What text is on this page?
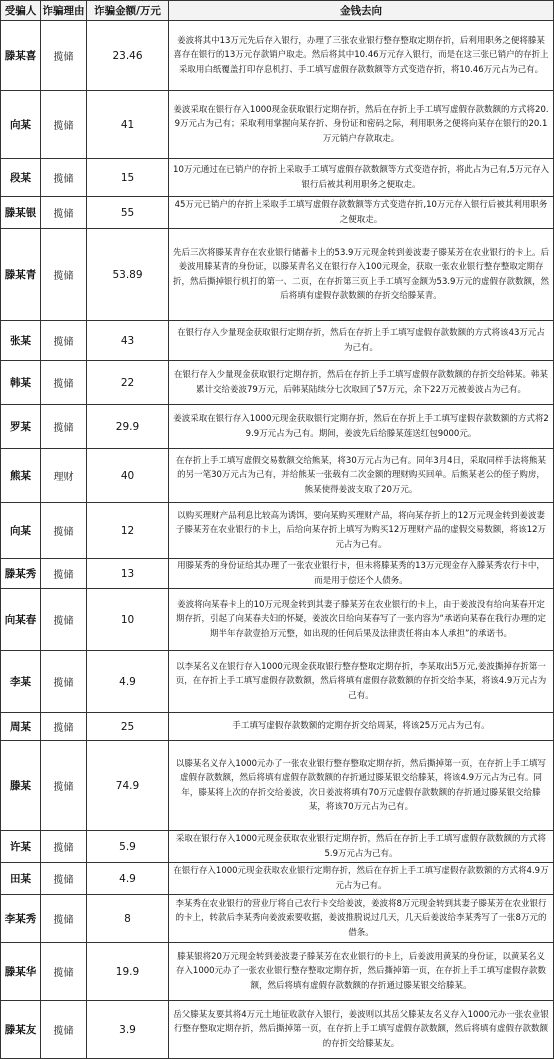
受骗人	诈骗理由	诈骗金额/万元	金钱去向
滕某喜	揽储	23.46	姜波将其中13万元先后存入银行，办理了三张农业银行整存整取定期存折，后利用职务之便将滕某喜存在银行的13万元存款销户取走。然后将其中10.46万元存入银行，而是在这三张已销户的存折上采取用白纸覆盖打印存息机打、手工填写虚假存款数额等方式变造存折，将10.46万元占为己有。
向某	揽储	41	姜波采取在银行存入1000现金获取银行定期存折，然后在存折上手工填写虚假存款数额的方式将20.9万元占为己有；采取利用掌握向某存折、身份证和密码之际，利用职务之便将向某存在银行的20.1万元销户存款取走。
段某	揽储	15	10万元通过在已销户的存折上采取手工填写虚假存款数额等方式变造存折，将此占为己有,5万元存入银行后被其利用职务之便取走。
滕某银	揽储	55	45万元已销户的存折上采取手工填写虚假存款数额等方式变造存折,10万元存入银行后被其利用职务之便取走。
滕某青	揽储	53.89	先后三次将滕某青存在农业银行储蓄卡上的53.9万元现金转到姜波妻子滕某芳在农业银行的卡上。后姜波用滕某青的身份证，以滕某青名义在银行存入100元现金，获取一张农业银行整存整取定期存折，然后撕掉银行机打的第一、二页，在存折第三页上手工填写金额为53.9万元的虚假存款数额，然后将填有虚假存款数额的存折交给滕某青。
张某	揽储	43	在银行存入少量现金获取银行定期存折，然后在存折上手工填写虚假存款数额的方式将该43万元占为己有。
韩某	揽储	22	在银行存入少量现金获取银行定期存折，然后在存折上手工填写虚假存款数额的存折交给韩某。韩某累计交给姜波79万元，后韩某陆续分七次取回了57万元，余下22万元被姜波占为己有。
罗某	揽储	29.9	姜波采取在银行存入1000元现金获取银行定期存折，然后在存折上手工填写虚假存款数额的方式将29.9万元占为己有。期间，姜波先后给滕某莲送红包9000元。
熊某	理财	40	在存折上手工填写虚假交易数额交给熊某，将30万元占为己有。同年3月4日，采取同样手法将熊某的另一笔30万元占为己有，并给熊某一张载有二次金额的理财购买回单。后熊某老公的侄子购房，熊某使得姜波支取了20万元。
向某	揽储	12	以购买理财产品利息比较高为诱饵，要向某购买理财产品，将向某存折上的12万元现金转到姜波妻子滕某芳在农业银行的卡上，后给向某存折上填写为购买12万理财产品的虚假交易数额，将该12万元占为己有。
滕某秀	揽储	13	用滕某秀的身份证给其办理了一张农业银行卡，但未将滕某秀的13万元现金存入滕某秀农行卡中，而是用于偿还个人债务。
向某春	揽储	10	姜波将向某春卡上的10万元现金转到其妻子滕某芳在农业银行的卡上，由于姜波没有给向某春开定期存折，引起了向某春夫妇的怀疑，姜波次日给向某春写了一张内容为“承诺向某春在我行办理的定期半年存款壹拾万元整，如出现的任何后果及法律责任将由本人承担”的承诺书。
李某	揽储	4.9	以李某名义在银行存入1000元现金获取银行整存整取定期存折，李某取出5万元,姜波撕掉存折第一页，在存折上手工填写虚假存款数额，然后将填有虚假存款数额的存折交给李某，将该4.9万元占为己有。
周某	揽储	25	手工填写虚假存款数额的定期存折交给周某，将该25万元占为己有。
滕某	揽储	74.9	以滕某名义存入1000元办了一张农业银行整存整取定期存折，然后撕掉第一页，在存折上手工填写虚假存款数额，然后将填有虚假存款数额的存折通过滕某银交给滕某，将该4.9万元占为己有。同年，滕某将上次的存折交给姜波，次日姜波将填有70万元虚假存款数额的存折通过滕某银交给滕某，将该70万元占为己有。
许某	揽储	5.9	采取在银行存入1000元现金获取农业银行定期存折，然后在存折上手工填写虚假存款数额的方式将5.9万元占为己有。
田某	揽储	4.9	在银行存入1000元现金获取农业银行定期存折，然后在存折上手工填写虚假存款数额的方式将4.9万元占为己有。
李某秀	揽储	8	李某秀在农业银行的营业厅将自己农行卡交给姜波，姜波将8万元现金转到其妻子滕某芳在农业银行的卡上，转款后李某秀向姜波索要收据，姜波推脱说过几天，几天后姜波给李某秀写了一张8万元的借条。
滕某华	揽储	19.9	滕某银将20万元现金转到姜波妻子滕某芳在农业银行的卡上，后姜波用黄某的身份证，以黄某名义存入1000元办了一张农业银行整存整取定期存折，然后撕掉第一页，在存折上手工填写虚假存款数额，然后将填有虚假存款数额的存折通过滕某银交给滕某。
滕某友	揽储	3.9	岳父滕某友要其将4万元土地征收款存入银行，姜波则以其岳父滕某友名义存入1000元办一张农业银行整存整取定期存折，然后撕掉第一页，在存折上手工填写虚假存款数额，然后将填有虚假存款数额的存折交给滕某友。
